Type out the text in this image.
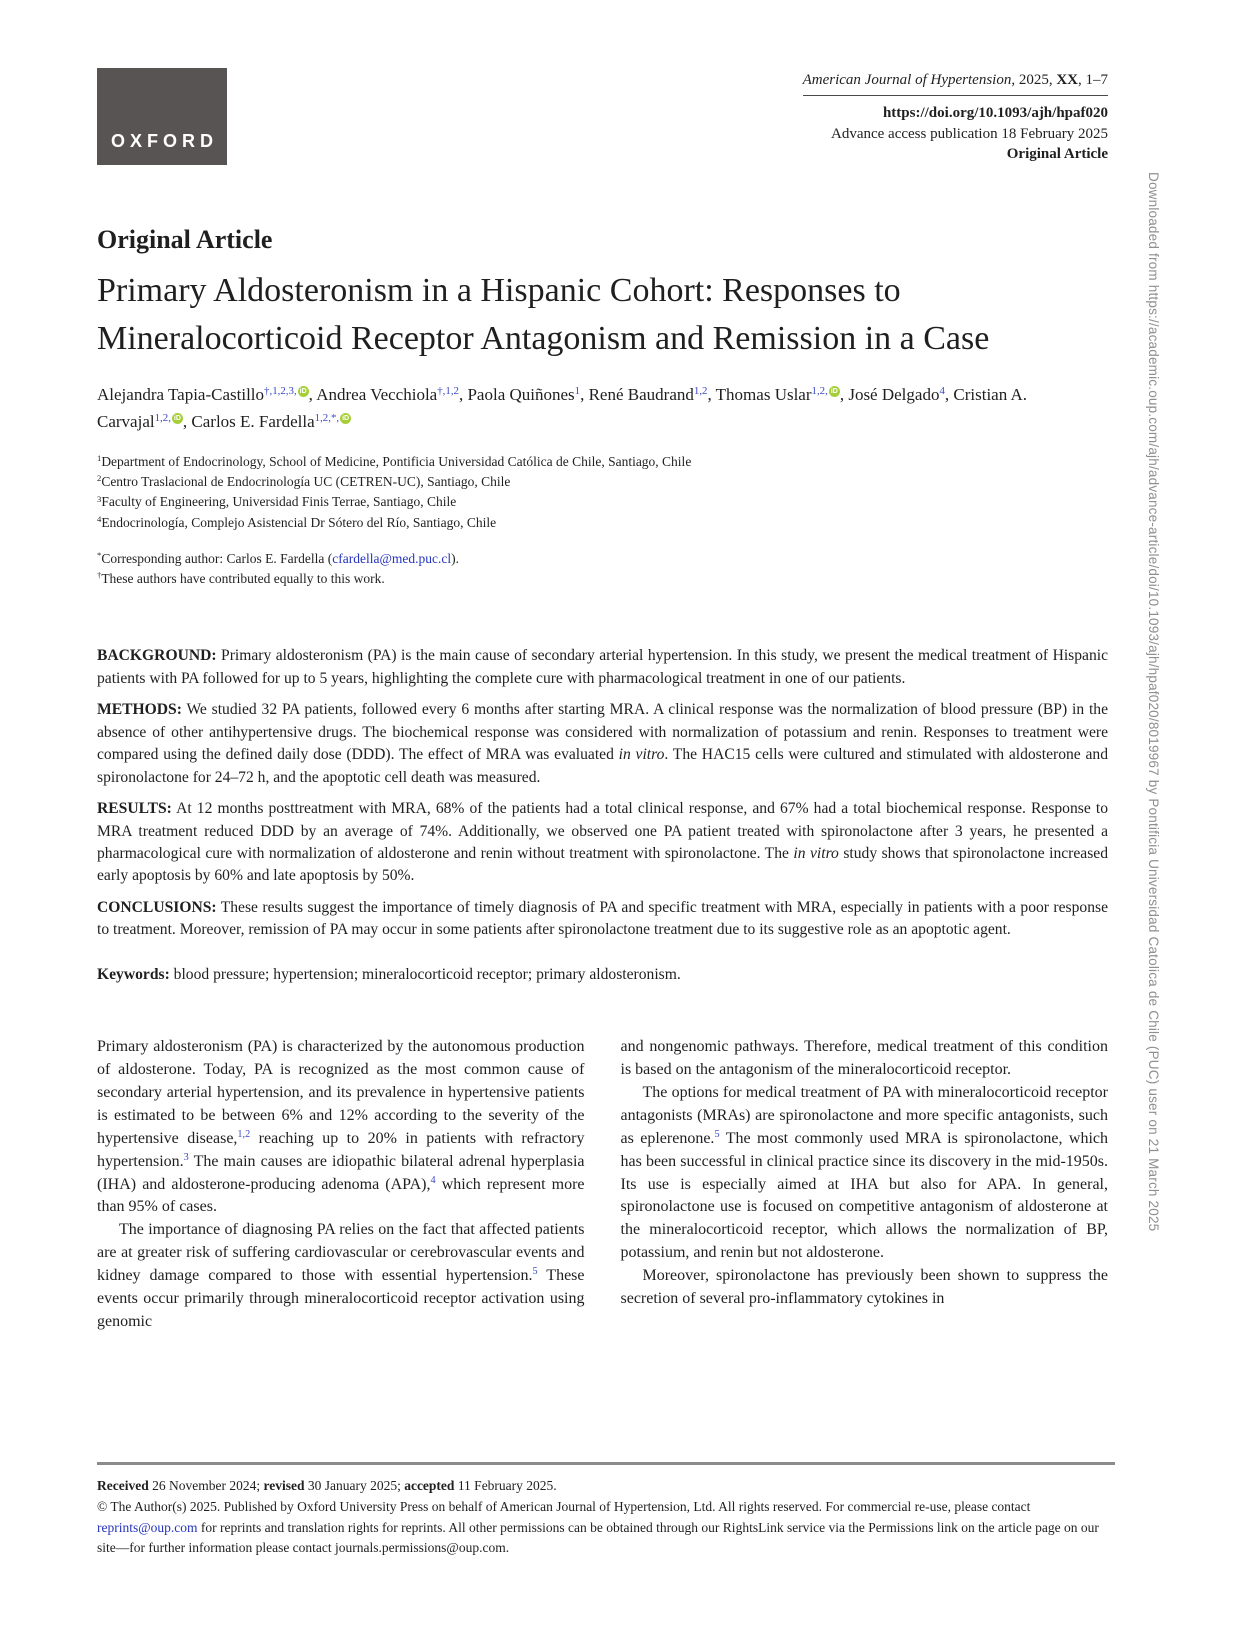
Downloaded from https://academic.oup.com/ajh/advance-article/doi/10.1093/ajh/hpaf020/8019967 by Pontificia Universidad Catolica de Chile (PUC) user on 21 March 2025
OXFORD
American Journal of Hypertension, 2025, XX, 1–7
https://doi.org/10.1093/ajh/hpaf020
Advance access publication 18 February 2025
Original Article
Original Article
Primary Aldosteronism in a Hispanic Cohort: Responses to Mineralocorticoid Receptor Antagonism and Remission in a Case
Alejandra Tapia-Castillo$^{\dagger,1,2,3,}$ iD , Andrea Vecchiola$^{\dagger,1,2}$, Paola Quiñones$^1$, René Baudrand$^{1,2}$, Thomas Uslar$^{1,2,}$ iD , José Delgado$^4$, Cristian A. Carvajal$^{1,2,}$ iD , Carlos E. Fardella$^{1,2,*,}$iD
$^1$Department of Endocrinology, School of Medicine, Pontificia Universidad Católica de Chile, Santiago, Chile
$^2$Centro Traslacional de Endocrinología UC (CETREN-UC), Santiago, Chile
$^3$Faculty of Engineering, Universidad Finis Terrae, Santiago, Chile
$^4$Endocrinología, Complejo Asistencial Dr Sótero del Río, Santiago, Chile
*Corresponding author: Carlos E. Fardella (cfardella@med.puc.cl).
†These authors have contributed equally to this work.

BACKGROUND: Primary aldosteronism (PA) is the main cause of secondary arterial hypertension. In this study, we present the medical treatment of Hispanic patients with PA followed for up to 5 years, highlighting the complete cure with pharmacological treatment in one of our patients.

METHODS: We studied 32 PA patients, followed every 6 months after starting MRA. A clinical response was the normalization of blood pressure (BP) in the absence of other antihypertensive drugs. The biochemical response was considered with normalization of potassium and renin. Responses to treatment were compared using the defined daily dose (DDD). The effect of MRA was evaluated in vitro. The HAC15 cells were cultured and stimulated with aldosterone and spironolactone for 24–72 h, and the apoptotic cell death was measured.

RESULTS: At 12 months posttreatment with MRA, 68% of the patients had a total clinical response, and 67% had a total biochemical response. Response to MRA treatment reduced DDD by an average of 74%. Additionally, we observed one PA patient treated with spironolactone after 3 years, he presented a pharmacological cure with normalization of aldosterone and renin without treatment with spironolactone. The in vitro study shows that spironolactone increased early apoptosis by 60% and late apoptosis by 50%.

CONCLUSIONS: These results suggest the importance of timely diagnosis of PA and specific treatment with MRA, especially in patients with a poor response to treatment. Moreover, remission of PA may occur in some patients after spironolactone treatment due to its suggestive role as an apoptotic agent.

Keywords: blood pressure; hypertension; mineralocorticoid receptor; primary aldosteronism.

Primary aldosteronism (PA) is characterized by the autonomous production of aldosterone. Today, PA is recognized as the most common cause of secondary arterial hypertension, and its prevalence in hypertensive patients is estimated to be between 6% and 12% according to the severity of the hypertensive disease,$^{1,2}$ reaching up to 20% in patients with refractory hypertension.$^3$ The main causes are idiopathic bilateral adrenal hyperplasia (IHA) and aldosterone-producing adenoma (APA),$^4$ which represent more than 95% of cases.

The importance of diagnosing PA relies on the fact that affected patients are at greater risk of suffering cardiovascular or cerebrovascular events and kidney damage compared to those with essential hypertension.$^5$ These events occur primarily through mineralocorticoid receptor activation using genomic

and nongenomic pathways. Therefore, medical treatment of this condition is based on the antagonism of the mineralocorticoid receptor.

The options for medical treatment of PA with mineralocorticoid receptor antagonists (MRAs) are spironolactone and more specific antagonists, such as eplerenone.$^5$ The most commonly used MRA is spironolactone, which has been successful in clinical practice since its discovery in the mid-1950s. Its use is especially aimed at IHA but also for APA. In general, spironolactone use is focused on competitive antagonism of aldosterone at the mineralocorticoid receptor, which allows the normalization of BP, potassium, and renin but not aldosterone.

Moreover, spironolactone has previously been shown to suppress the secretion of several pro-inflammatory cytokines in

Received 26 November 2024; revised 30 January 2025; accepted 11 February 2025.
© The Author(s) 2025. Published by Oxford University Press on behalf of American Journal of Hypertension, Ltd. All rights reserved. For commercial re-use, please contact reprints@oup.com for reprints and translation rights for reprints. All other permissions can be obtained through our RightsLink service via the Permissions link on the article page on our site—for further information please contact journals.permissions@oup.com.
